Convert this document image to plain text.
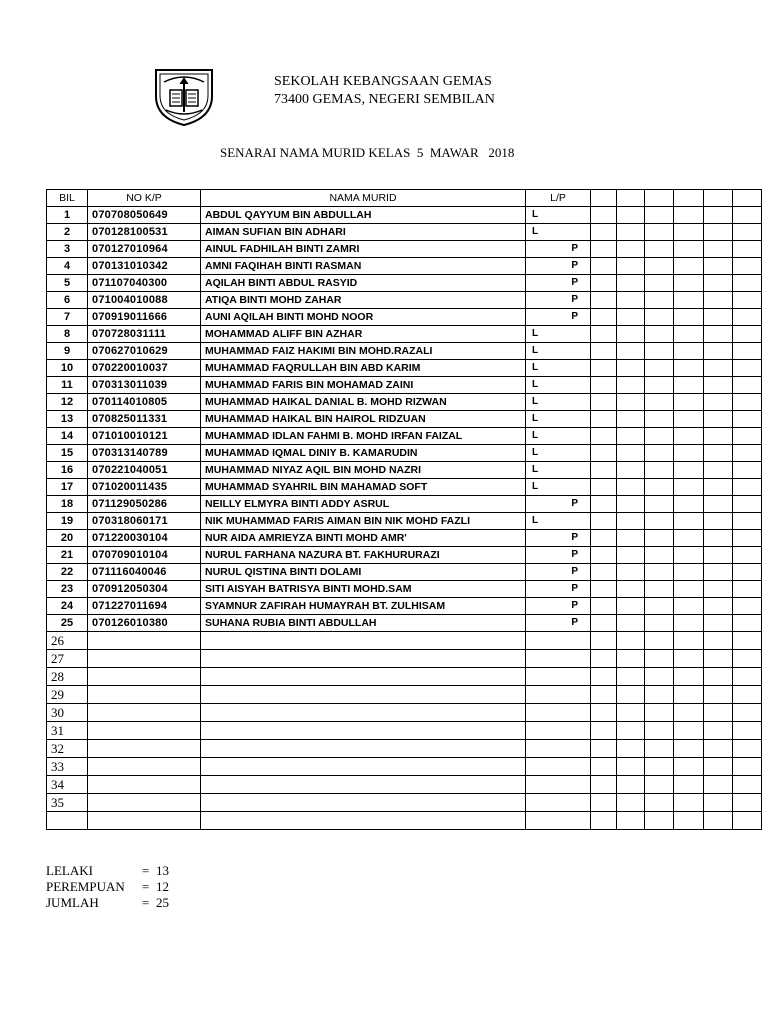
SEKOLAH KEBANGSAAN GEMAS
73400 GEMAS, NEGERI SEMBILAN
SENARAI NAMA MURID KELAS  5  MAWAR   2018
BIL	NO K/P	NAMA MURID	L/P						
1	070708050649	ABDUL QAYYUM BIN ABDULLAH	L						
2	070128100531	AIMAN SUFIAN BIN ADHARI	L						
3	070127010964	AINUL FADHILAH BINTI ZAMRI	P						
4	070131010342	AMNI FAQIHAH BINTI RASMAN	P						
5	071107040300	AQILAH BINTI ABDUL RASYID	P						
6	071004010088	ATIQA BINTI MOHD ZAHAR	P						
7	070919011666	AUNI AQILAH BINTI MOHD NOOR	P						
8	070728031111	MOHAMMAD ALIFF BIN AZHAR	L						
9	070627010629	MUHAMMAD FAIZ HAKIMI BIN MOHD.RAZALI	L						
10	070220010037	MUHAMMAD FAQRULLAH BIN ABD KARIM	L						
11	070313011039	MUHAMMAD FARIS BIN MOHAMAD ZAINI	L						
12	070114010805	MUHAMMAD HAIKAL DANIAL B. MOHD RIZWAN	L						
13	070825011331	MUHAMMAD HAIKAL BIN HAIROL RIDZUAN	L						
14	071010010121	MUHAMMAD IDLAN FAHMI B. MOHD IRFAN FAIZAL	L						
15	070313140789	MUHAMMAD IQMAL DINIY B. KAMARUDIN	L						
16	070221040051	MUHAMMAD NIYAZ AQIL BIN MOHD NAZRI	L						
17	071020011435	MUHAMMAD SYAHRIL BIN MAHAMAD SOFT	L						
18	071129050286	NEILLY ELMYRA BINTI ADDY ASRUL	P						
19	070318060171	NIK MUHAMMAD FARIS AIMAN BIN NIK MOHD FAZLI	L						
20	071220030104	NUR AIDA AMRIEYZA BINTI MOHD AMR'	P						
21	070709010104	NURUL FARHANA NAZURA BT. FAKHURURAZI	P						
22	071116040046	NURUL QISTINA BINTI DOLAMI	P						
23	070912050304	SITI AISYAH BATRISYA BINTI MOHD.SAM	P						
24	071227011694	SYAMNUR ZAFIRAH HUMAYRAH BT. ZULHISAM	P						
25	070126010380	SUHANA RUBIA BINTI ABDULLAH	P						
26									
27									
28									
29									
30									
31									
32									
33									
34									
35									

LELAKI	= 13
PEREMPUAN	= 12
JUMLAH	= 25
